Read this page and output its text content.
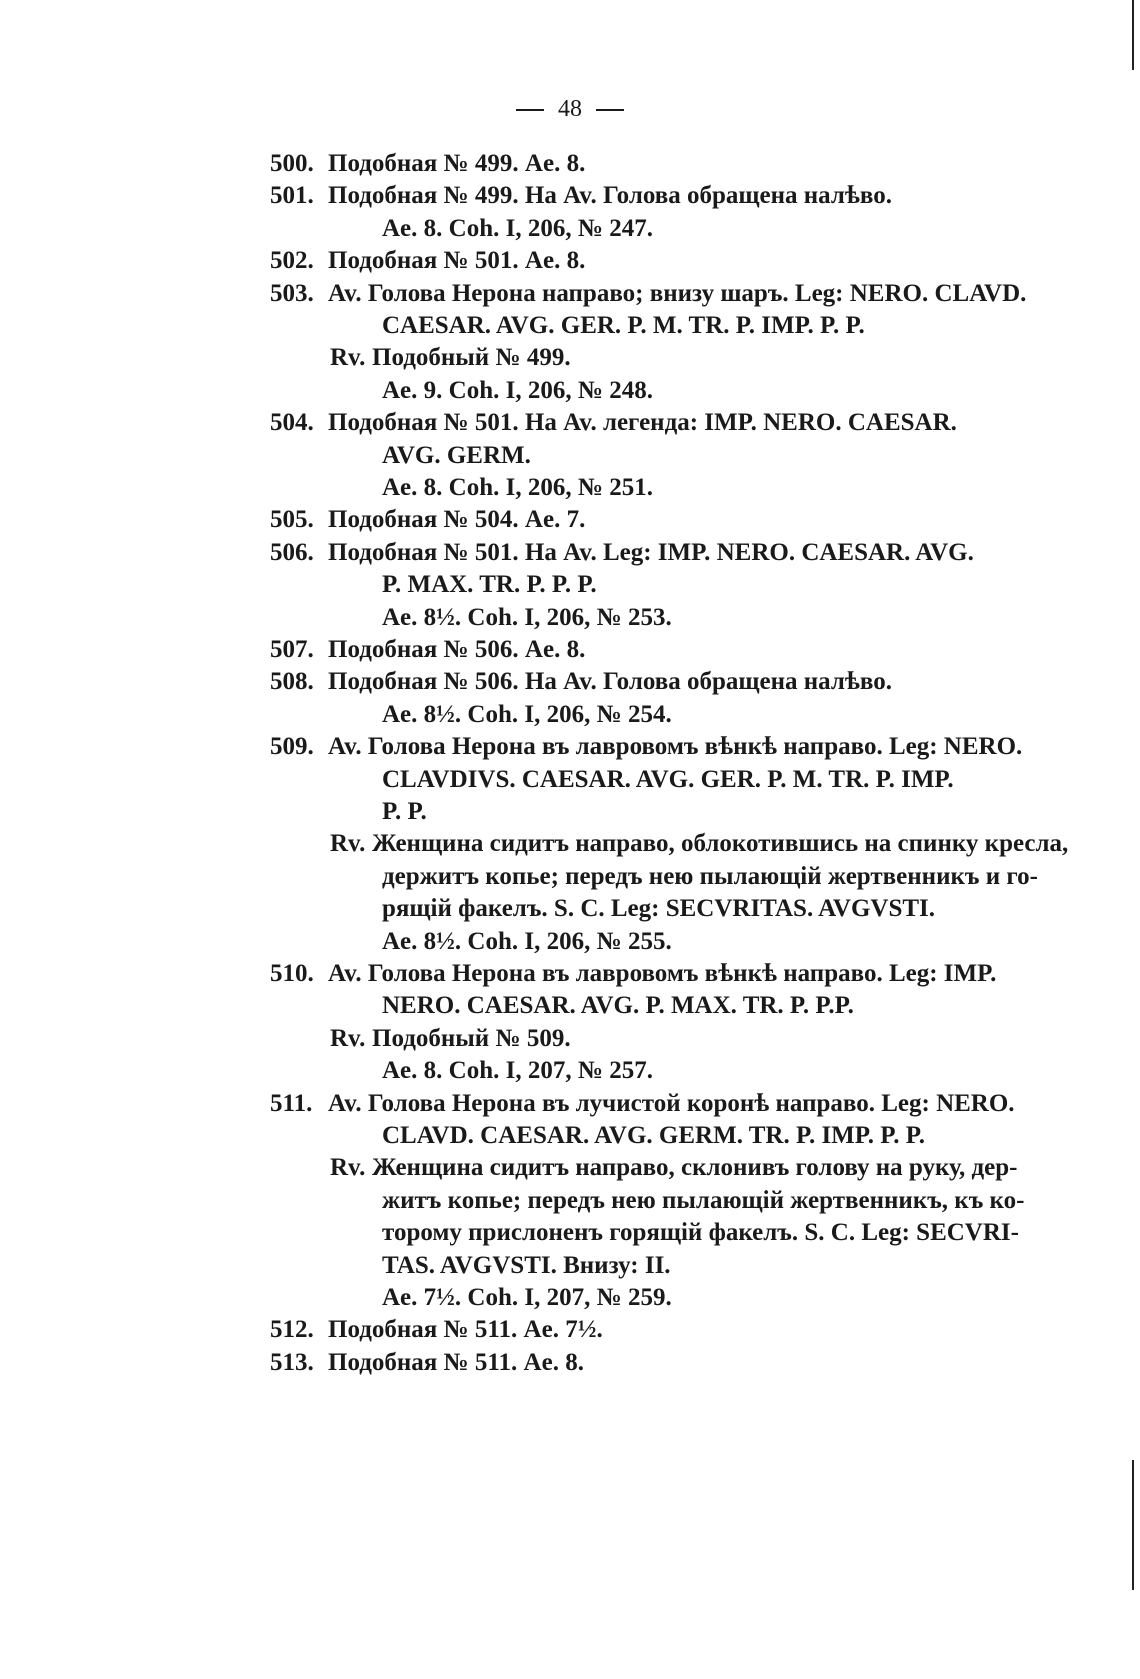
48
500. Подобная № 499. Ae. 8.
501. Подобная № 499. На Av. Голова обращена налѣво.
Ae. 8. Coh. I, 206, № 247.
502. Подобная № 501. Ae. 8.
503. Av. Голова Нерона направо; внизу шаръ. Leg: NERO. CLAVD.
CAESAR. AVG. GER. P. M. TR. P. IMP. P. P.
Rv. Подобный № 499.
Ae. 9. Coh. I, 206, № 248.
504. Подобная № 501. На Av. легенда: IMP. NERO. CAESAR.
AVG. GERM.
Ae. 8. Coh. I, 206, № 251.
505. Подобная № 504. Ae. 7.
506. Подобная № 501. На Av. Leg: IMP. NERO. CAESAR. AVG.
P. MAX. TR. P. P. P.
Ae. 8½. Coh. I, 206, № 253.
507. Подобная № 506. Ae. 8.
508. Подобная № 506. На Av. Голова обращена налѣво.
Ae. 8½. Coh. I, 206, № 254.
509. Av. Голова Нерона въ лавровомъ вѣнкѣ направо. Leg: NERO.
CLAVDIVS. CAESAR. AVG. GER. P. M. TR. P. IMP.
P. P.
Rv. Женщина сидитъ направо, облокотившись на спинку кресла,
держитъ копье; передъ нею пылающій жертвенникъ и го-
рящій факелъ. S. C. Leg: SECVRITAS. AVGVSTI.
Ae. 8½. Coh. I, 206, № 255.
510. Av. Голова Нерона въ лавровомъ вѣнкѣ направо. Leg: IMP.
NERO. CAESAR. AVG. P. MAX. TR. P. P.P.
Rv. Подобный № 509.
Ae. 8. Coh. I, 207, № 257.
511. Av. Голова Нерона въ лучистой коронѣ направо. Leg: NERO.
CLAVD. CAESAR. AVG. GERM. TR. P. IMP. P. P.
Rv. Женщина сидитъ направо, склонивъ голову на руку, дер-
житъ копье; передъ нею пылающій жертвенникъ, къ ко-
торому прислоненъ горящій факелъ. S. C. Leg: SECVRI-
TAS. AVGVSTI. Внизу: II.
Ae. 7½. Coh. I, 207, № 259.
512. Подобная № 511. Ae. 7½.
513. Подобная № 511. Ae. 8.
